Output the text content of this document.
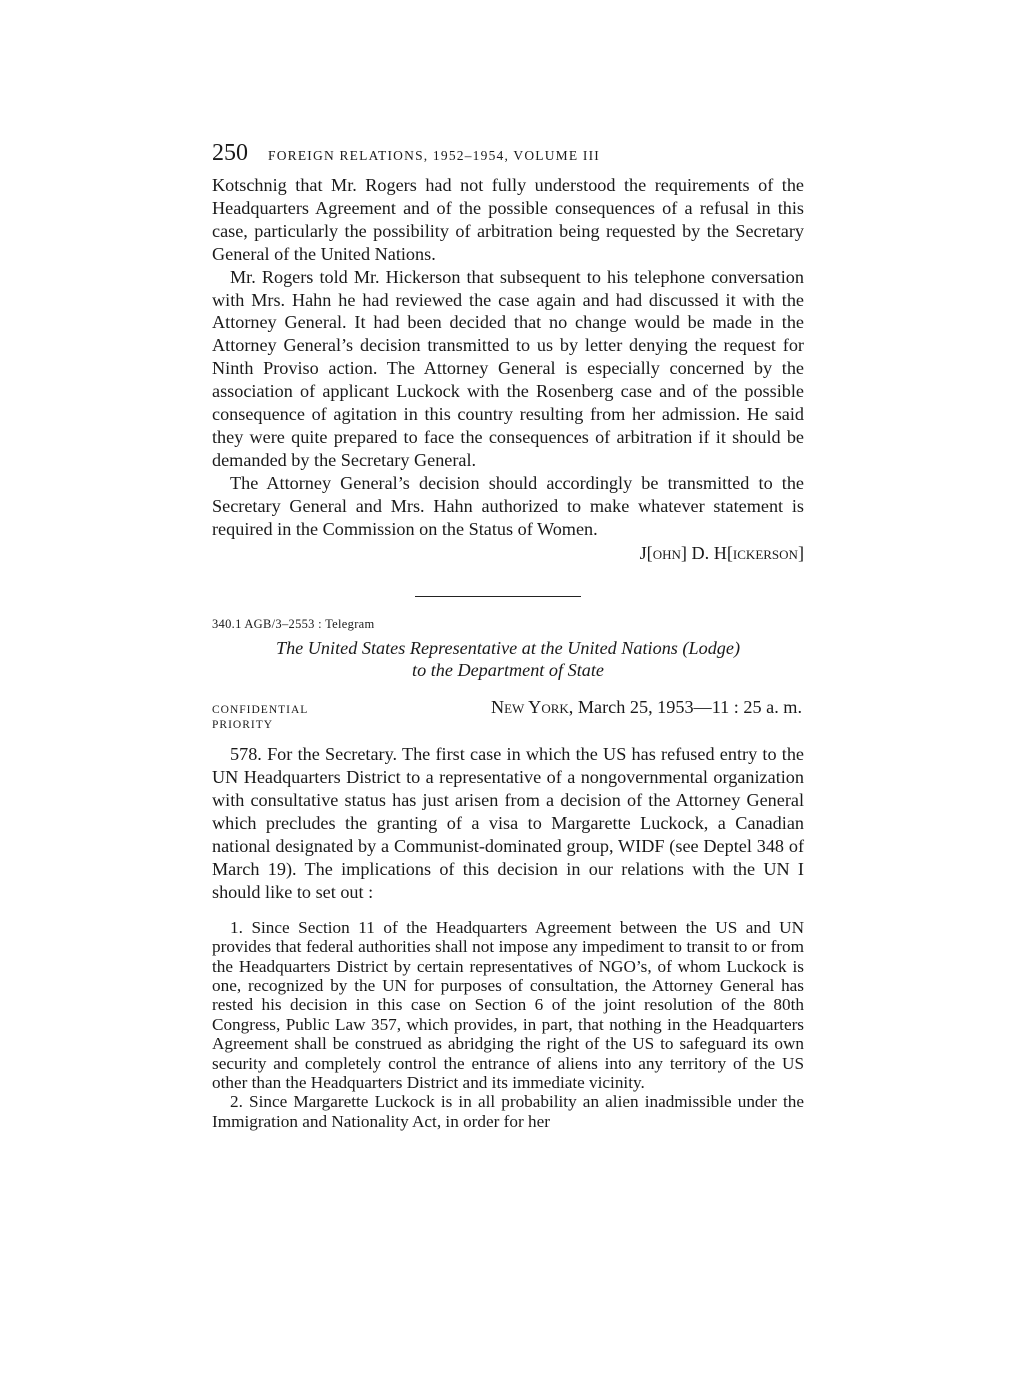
250	FOREIGN RELATIONS, 1952–1954, VOLUME III

Kotschnig that Mr. Rogers had not fully understood the requirements of the Headquarters Agreement and of the possible consequences of a refusal in this case, particularly the possibility of arbitration being requested by the Secretary General of the United Nations.

Mr. Rogers told Mr. Hickerson that subsequent to his telephone conversation with Mrs. Hahn he had reviewed the case again and had discussed it with the Attorney General. It had been decided that no change would be made in the Attorney General’s decision transmitted to us by letter denying the request for Ninth Proviso action. The Attorney General is especially concerned by the association of applicant Luckock with the Rosenberg case and of the possible consequence of agitation in this country resulting from her admission. He said they were quite prepared to face the consequences of arbitration if it should be demanded by the Secretary General.

The Attorney General’s decision should accordingly be transmitted to the Secretary General and Mrs. Hahn authorized to make whatever statement is required in the Commission on the Status of Women.

J[ohn] D. H[ickerson]
340.1 AGB/3–2553 : Telegram
The United States Representative at the United Nations (Lodge)
to the Department of State
CONFIDENTIAL	New York, March 25, 1953—11 : 25 a. m.
PRIORITY

578. For the Secretary. The first case in which the US has refused entry to the UN Headquarters District to a representative of a nongovernmental organization with consultative status has just arisen from a decision of the Attorney General which precludes the granting of a visa to Margarette Luckock, a Canadian national designated by a Communist-dominated group, WIDF (see Deptel 348 of March 19). The implications of this decision in our relations with the UN I should like to set out :

1. Since Section 11 of the Headquarters Agreement between the US and UN provides that federal authorities shall not impose any impediment to transit to or from the Headquarters District by certain representatives of NGO’s, of whom Luckock is one, recognized by the UN for purposes of consultation, the Attorney General has rested his decision in this case on Section 6 of the joint resolution of the 80th Congress, Public Law 357, which provides, in part, that nothing in the Headquarters Agreement shall be construed as abridging the right of the US to safeguard its own security and completely control the entrance of aliens into any territory of the US other than the Headquarters District and its immediate vicinity.
2. Since Margarette Luckock is in all probability an alien inadmissible under the Immigration and Nationality Act, in order for her
